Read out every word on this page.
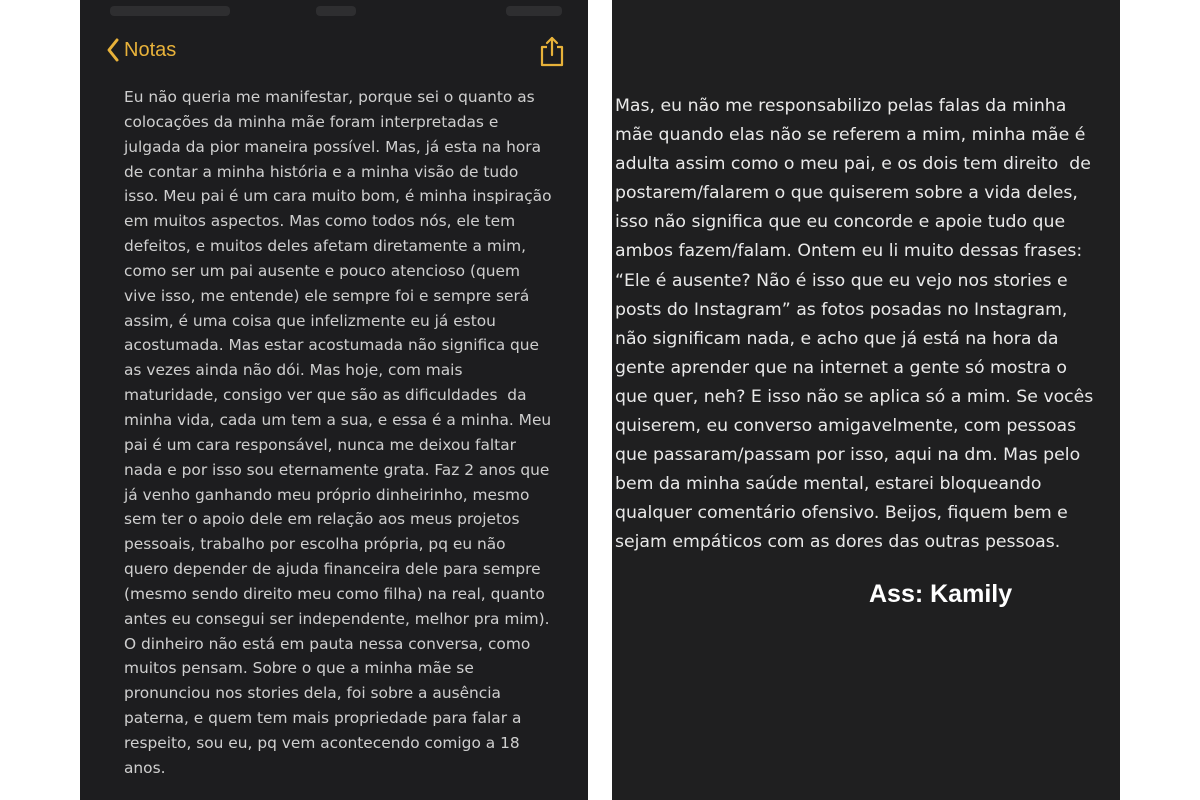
Notas
Eu não queria me manifestar, porque sei o quanto as
colocações da minha mãe foram interpretadas e
julgada da pior maneira possível. Mas, já esta na hora
de contar a minha história e a minha visão de tudo
isso. Meu pai é um cara muito bom, é minha inspiração
em muitos aspectos. Mas como todos nós, ele tem
defeitos, e muitos deles afetam diretamente a mim,
como ser um pai ausente e pouco atencioso (quem
vive isso, me entende) ele sempre foi e sempre será
assim, é uma coisa que infelizmente eu já estou
acostumada. Mas estar acostumada não significa que
as vezes ainda não dói. Mas hoje, com mais
maturidade, consigo ver que são as dificuldades  da
minha vida, cada um tem a sua, e essa é a minha. Meu
pai é um cara responsável, nunca me deixou faltar
nada e por isso sou eternamente grata. Faz 2 anos que
já venho ganhando meu próprio dinheirinho, mesmo
sem ter o apoio dele em relação aos meus projetos
pessoais, trabalho por escolha própria, pq eu não
quero depender de ajuda financeira dele para sempre
(mesmo sendo direito meu como filha) na real, quanto
antes eu consegui ser independente, melhor pra mim).
O dinheiro não está em pauta nessa conversa, como
muitos pensam. Sobre o que a minha mãe se
pronunciou nos stories dela, foi sobre a ausência
paterna, e quem tem mais propriedade para falar a
respeito, sou eu, pq vem acontecendo comigo a 18
anos.
Mas, eu não me responsabilizo pelas falas da minha
mãe quando elas não se referem a mim, minha mãe é
adulta assim como o meu pai, e os dois tem direito  de
postarem/falarem o que quiserem sobre a vida deles,
isso não significa que eu concorde e apoie tudo que
ambos fazem/falam. Ontem eu li muito dessas frases:
“Ele é ausente? Não é isso que eu vejo nos stories e
posts do Instagram” as fotos posadas no Instagram,
não significam nada, e acho que já está na hora da
gente aprender que na internet a gente só mostra o
que quer, neh? E isso não se aplica só a mim. Se vocês
quiserem, eu converso amigavelmente, com pessoas
que passaram/passam por isso, aqui na dm. Mas pelo
bem da minha saúde mental, estarei bloqueando
qualquer comentário ofensivo. Beijos, fiquem bem e
sejam empáticos com as dores das outras pessoas.

Ass: Kamily
